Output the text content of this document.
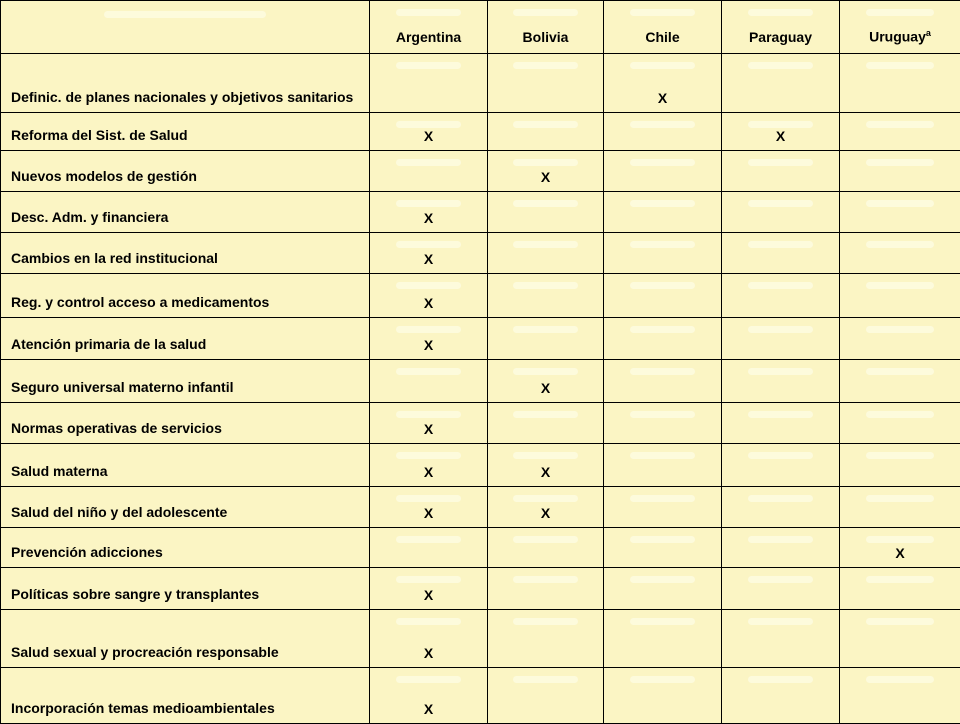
	Argentina	Bolivia	Chile	Paraguay	Uruguay$^a$
Definic. de planes nacionales y objetivos sanitarios			X		
Reforma del Sist. de Salud	X			X	
Nuevos modelos de gestión		X			
Desc. Adm. y financiera	X				
Cambios en la red institucional	X				
Reg. y control acceso a medicamentos	X				
Atención primaria de la salud	X				
Seguro universal materno infantil		X			
Normas operativas de servicios	X				
Salud materna	X	X			
Salud del niño y del adolescente	X	X			
Prevención adicciones					X
Políticas sobre sangre y transplantes	X				
Salud sexual y procreación responsable	X				
Incorporación temas medioambientales	X				
